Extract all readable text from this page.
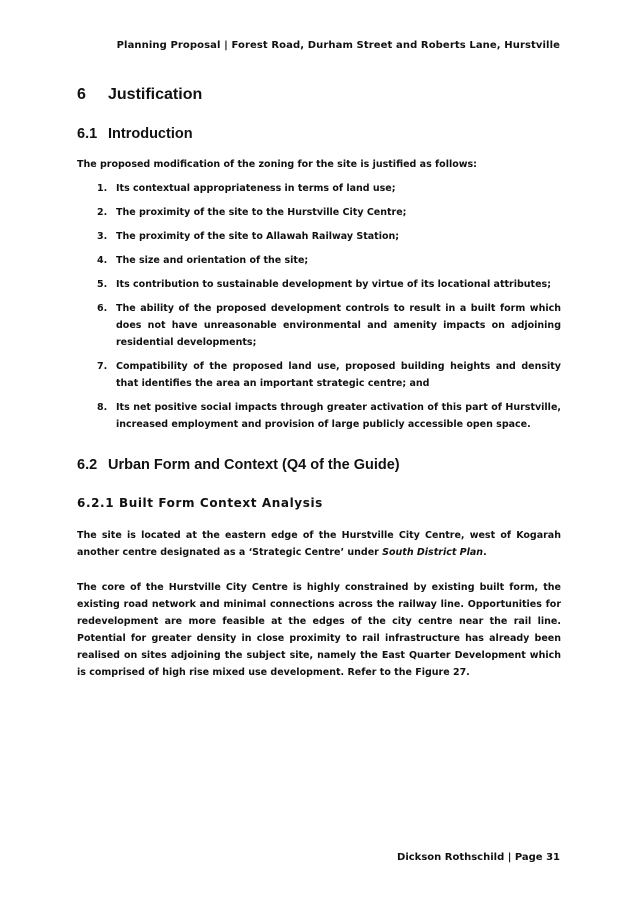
Planning Proposal | Forest Road, Durham Street and Roberts Lane, Hurstville
6 Justification
6.1 Introduction
The proposed modification of the zoning for the site is justified as follows:
1. Its contextual appropriateness in terms of land use;
2. The proximity of the site to the Hurstville City Centre;
3. The proximity of the site to Allawah Railway Station;
4. The size and orientation of the site;
5. Its contribution to sustainable development by virtue of its locational attributes;
6. The ability of the proposed development controls to result in a built form which does not have unreasonable environmental and amenity impacts on adjoining residential developments;
7. Compatibility of the proposed land use, proposed building heights and density that identifies the area an important strategic centre; and
8. Its net positive social impacts through greater activation of this part of Hurstville, increased employment and provision of large publicly accessible open space.
6.2 Urban Form and Context (Q4 of the Guide)
6.2.1 Built Form Context Analysis
The site is located at the eastern edge of the Hurstville City Centre, west of Kogarah another centre designated as a ‘Strategic Centre’ under South District Plan.
The core of the Hurstville City Centre is highly constrained by existing built form, the existing road network and minimal connections across the railway line. Opportunities for redevelopment are more feasible at the edges of the city centre near the rail line. Potential for greater density in close proximity to rail infrastructure has already been realised on sites adjoining the subject site, namely the East Quarter Development which is comprised of high rise mixed use development. Refer to the Figure 27.
Dickson Rothschild | Page 31
